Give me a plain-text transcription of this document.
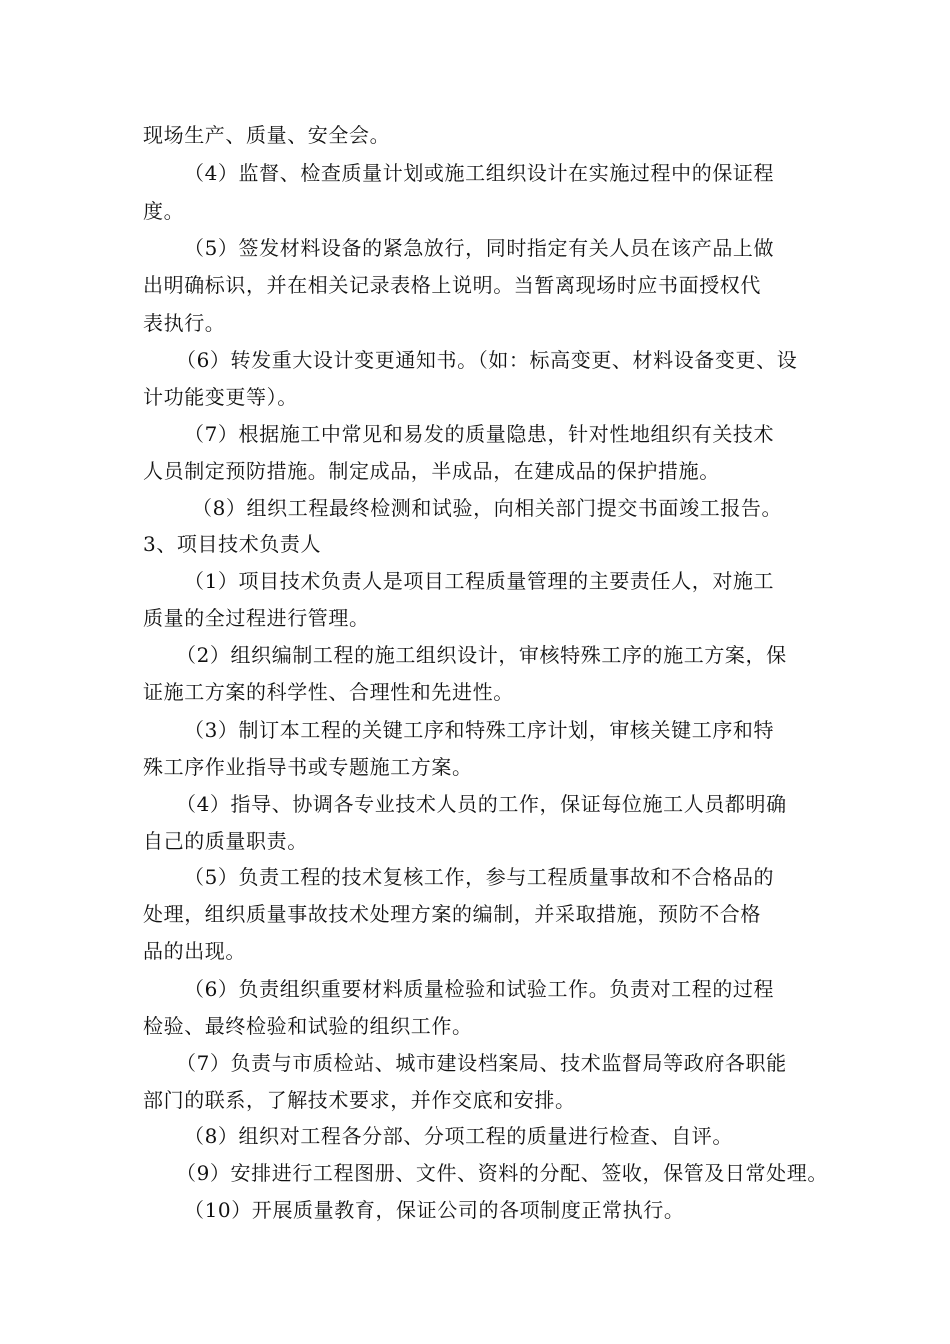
现场生产、质量、安全会。
（4）监督、检查质量计划或施工组织设计在实施过程中的保证程
度。
（5）签发材料设备的紧急放行，同时指定有关人员在该产品上做
出明确标识，并在相关记录表格上说明。当暂离现场时应书面授权代
表执行。
（6）转发重大设计变更通知书。（如：标高变更、材料设备变更、设
计功能变更等）。
（7）根据施工中常见和易发的质量隐患，针对性地组织有关技术
人员制定预防措施。制定成品，半成品，在建成品的保护措施。
（8）组织工程最终检测和试验，向相关部门提交书面竣工报告。
3、项目技术负责人
（1）项目技术负责人是项目工程质量管理的主要责任人，对施工
质量的全过程进行管理。
（2）组织编制工程的施工组织设计，审核特殊工序的施工方案，保
证施工方案的科学性、合理性和先进性。
（3）制订本工程的关键工序和特殊工序计划，审核关键工序和特
殊工序作业指导书或专题施工方案。
（4）指导、协调各专业技术人员的工作，保证每位施工人员都明确
自己的质量职责。
（5）负责工程的技术复核工作，参与工程质量事故和不合格品的
处理，组织质量事故技术处理方案的编制，并采取措施，预防不合格
品的出现。
（6）负责组织重要材料质量检验和试验工作。负责对工程的过程
检验、最终检验和试验的组织工作。
（7）负责与市质检站、城市建设档案局、技术监督局等政府各职能
部门的联系，了解技术要求，并作交底和安排。
（8）组织对工程各分部、分项工程的质量进行检查、自评。
（9）安排进行工程图册、文件、资料的分配、签收，保管及日常处理。
（10）开展质量教育，保证公司的各项制度正常执行。
